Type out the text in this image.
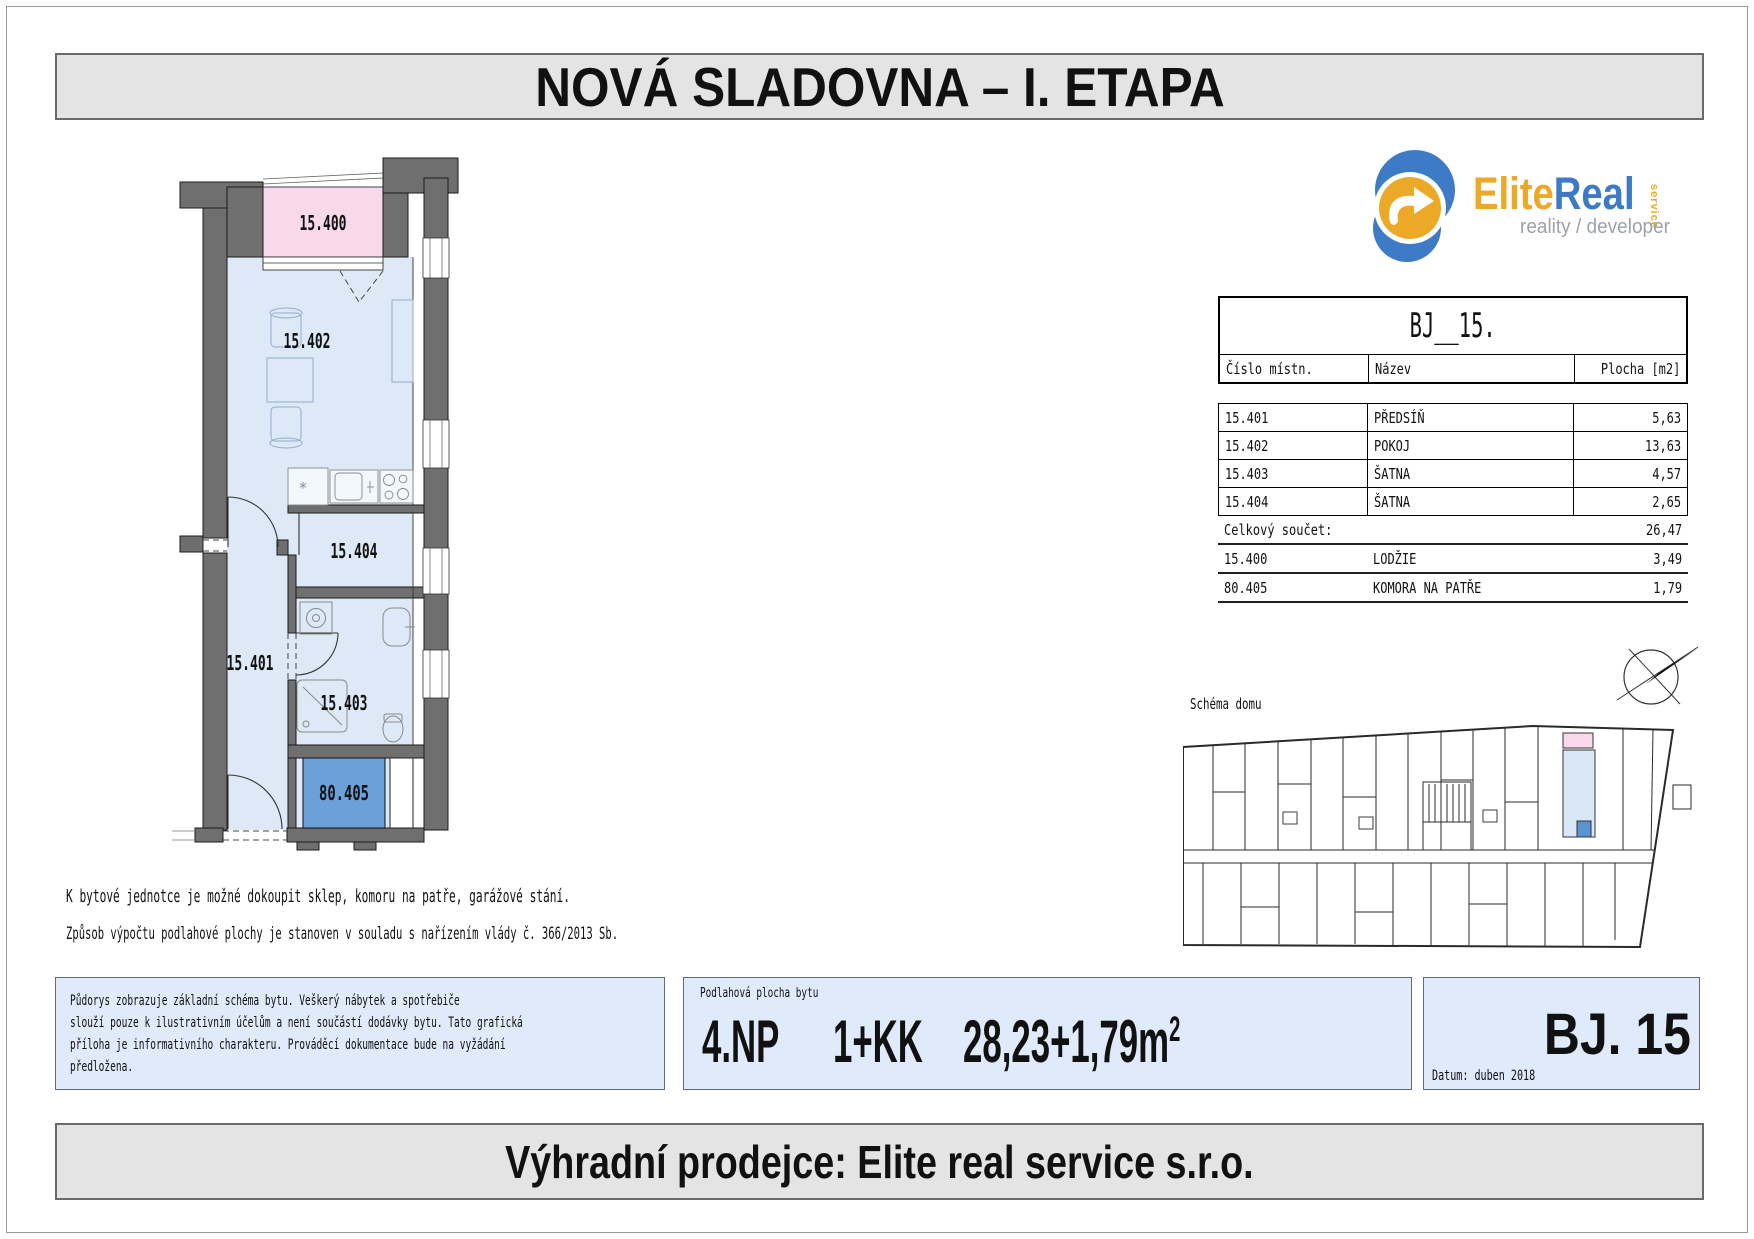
NOVÁ SLADOVNA – I. ETAPA
*
15.400
15.402
15.404
15.401
15.403
80.405
EliteReal	service
reality / developer
BJ__15.
Číslo místn.	Název	Plocha [m2]
15.401	PŘEDSÍŇ	5,63
15.402	POKOJ	13,63
15.403	ŠATNA	4,57
15.404	ŠATNA	2,65
Celkový součet:	26,47
15.400	LODŽIE	3,49
80.405	KOMORA NA PATŘE	1,79
Schéma domu
K bytové jednotce je možné dokoupit sklep, komoru na patře, garážové stání.
Způsob výpočtu podlahové plochy je stanoven v souladu s nařízením vlády č. 366/2013 Sb.
Půdorys zobrazuje základní schéma bytu. Veškerý nábytek a spotřebiče
slouží pouze k ilustrativním účelům a není součástí dodávky bytu. Tato grafická
příloha je informativního charakteru. Prováděcí dokumentace bude na vyžádání
předložena.
Podlahová plocha bytu
4.NP 1+KK $28,23+1,79m^2$	BJ. 15
Datum: duben 2018
Výhradní prodejce: Elite real service s.r.o.
